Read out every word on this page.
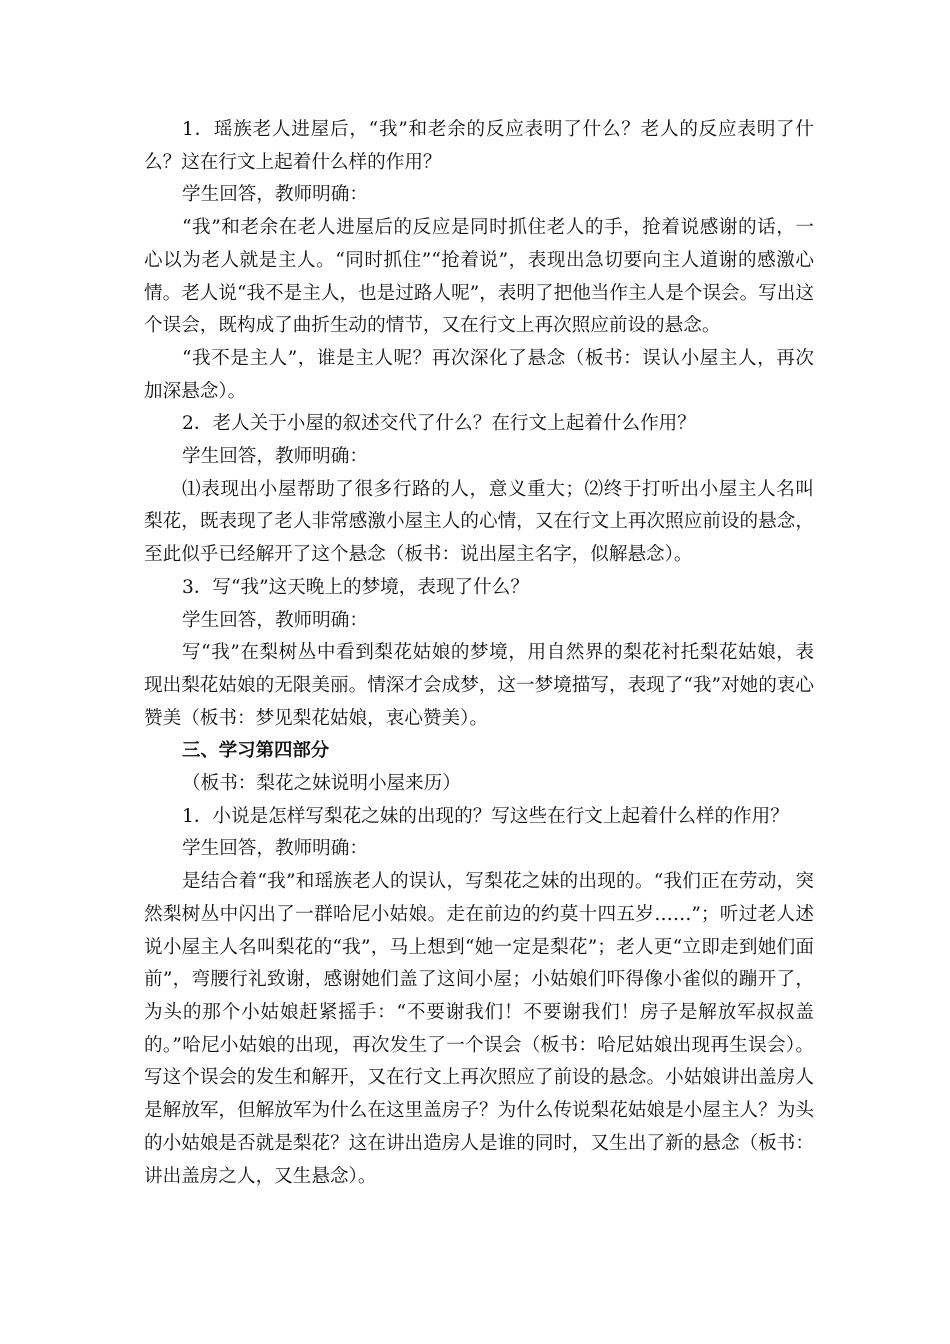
1．瑶族老人进屋后，“我”和老余的反应表明了什么？老人的反应表明了什么？这在行文上起着什么样的作用？

学生回答，教师明确：

“我”和老余在老人进屋后的反应是同时抓住老人的手，抢着说感谢的话，一心以为老人就是主人。“同时抓住”“抢着说”，表现出急切要向主人道谢的感激心情。老人说“我不是主人，也是过路人呢”，表明了把他当作主人是个误会。写出这个误会，既构成了曲折生动的情节，又在行文上再次照应前设的悬念。

“我不是主人”，谁是主人呢？再次深化了悬念（板书：误认小屋主人，再次加深悬念）。

2．老人关于小屋的叙述交代了什么？在行文上起着什么作用？

学生回答，教师明确：

⑴表现出小屋帮助了很多行路的人，意义重大；⑵终于打听出小屋主人名叫梨花，既表现了老人非常感激小屋主人的心情，又在行文上再次照应前设的悬念，至此似乎已经解开了这个悬念（板书：说出屋主名字，似解悬念）。

3．写“我”这天晚上的梦境，表现了什么？

学生回答，教师明确：

写“我”在梨树丛中看到梨花姑娘的梦境，用自然界的梨花衬托梨花姑娘，表现出梨花姑娘的无限美丽。情深才会成梦，这一梦境描写，表现了“我”对她的衷心赞美（板书：梦见梨花姑娘，衷心赞美）。

三、学习第四部分

（板书：梨花之妹说明小屋来历）

1．小说是怎样写梨花之妹的出现的？写这些在行文上起着什么样的作用？

学生回答，教师明确：

是结合着“我”和瑶族老人的误认，写梨花之妹的出现的。“我们正在劳动，突然梨树丛中闪出了一群哈尼小姑娘。走在前边的约莫十四五岁……”；听过老人述说小屋主人名叫梨花的“我”，马上想到“她一定是梨花”；老人更“立即走到她们面前”，弯腰行礼致谢，感谢她们盖了这间小屋；小姑娘们吓得像小雀似的蹦开了，为头的那个小姑娘赶紧摇手：“不要谢我们！不要谢我们！房子是解放军叔叔盖的。”哈尼小姑娘的出现，再次发生了一个误会（板书：哈尼姑娘出现再生误会）。写这个误会的发生和解开，又在行文上再次照应了前设的悬念。小姑娘讲出盖房人是解放军，但解放军为什么在这里盖房子？为什么传说梨花姑娘是小屋主人？为头的小姑娘是否就是梨花？这在讲出造房人是谁的同时，又生出了新的悬念（板书：讲出盖房之人，又生悬念）。
